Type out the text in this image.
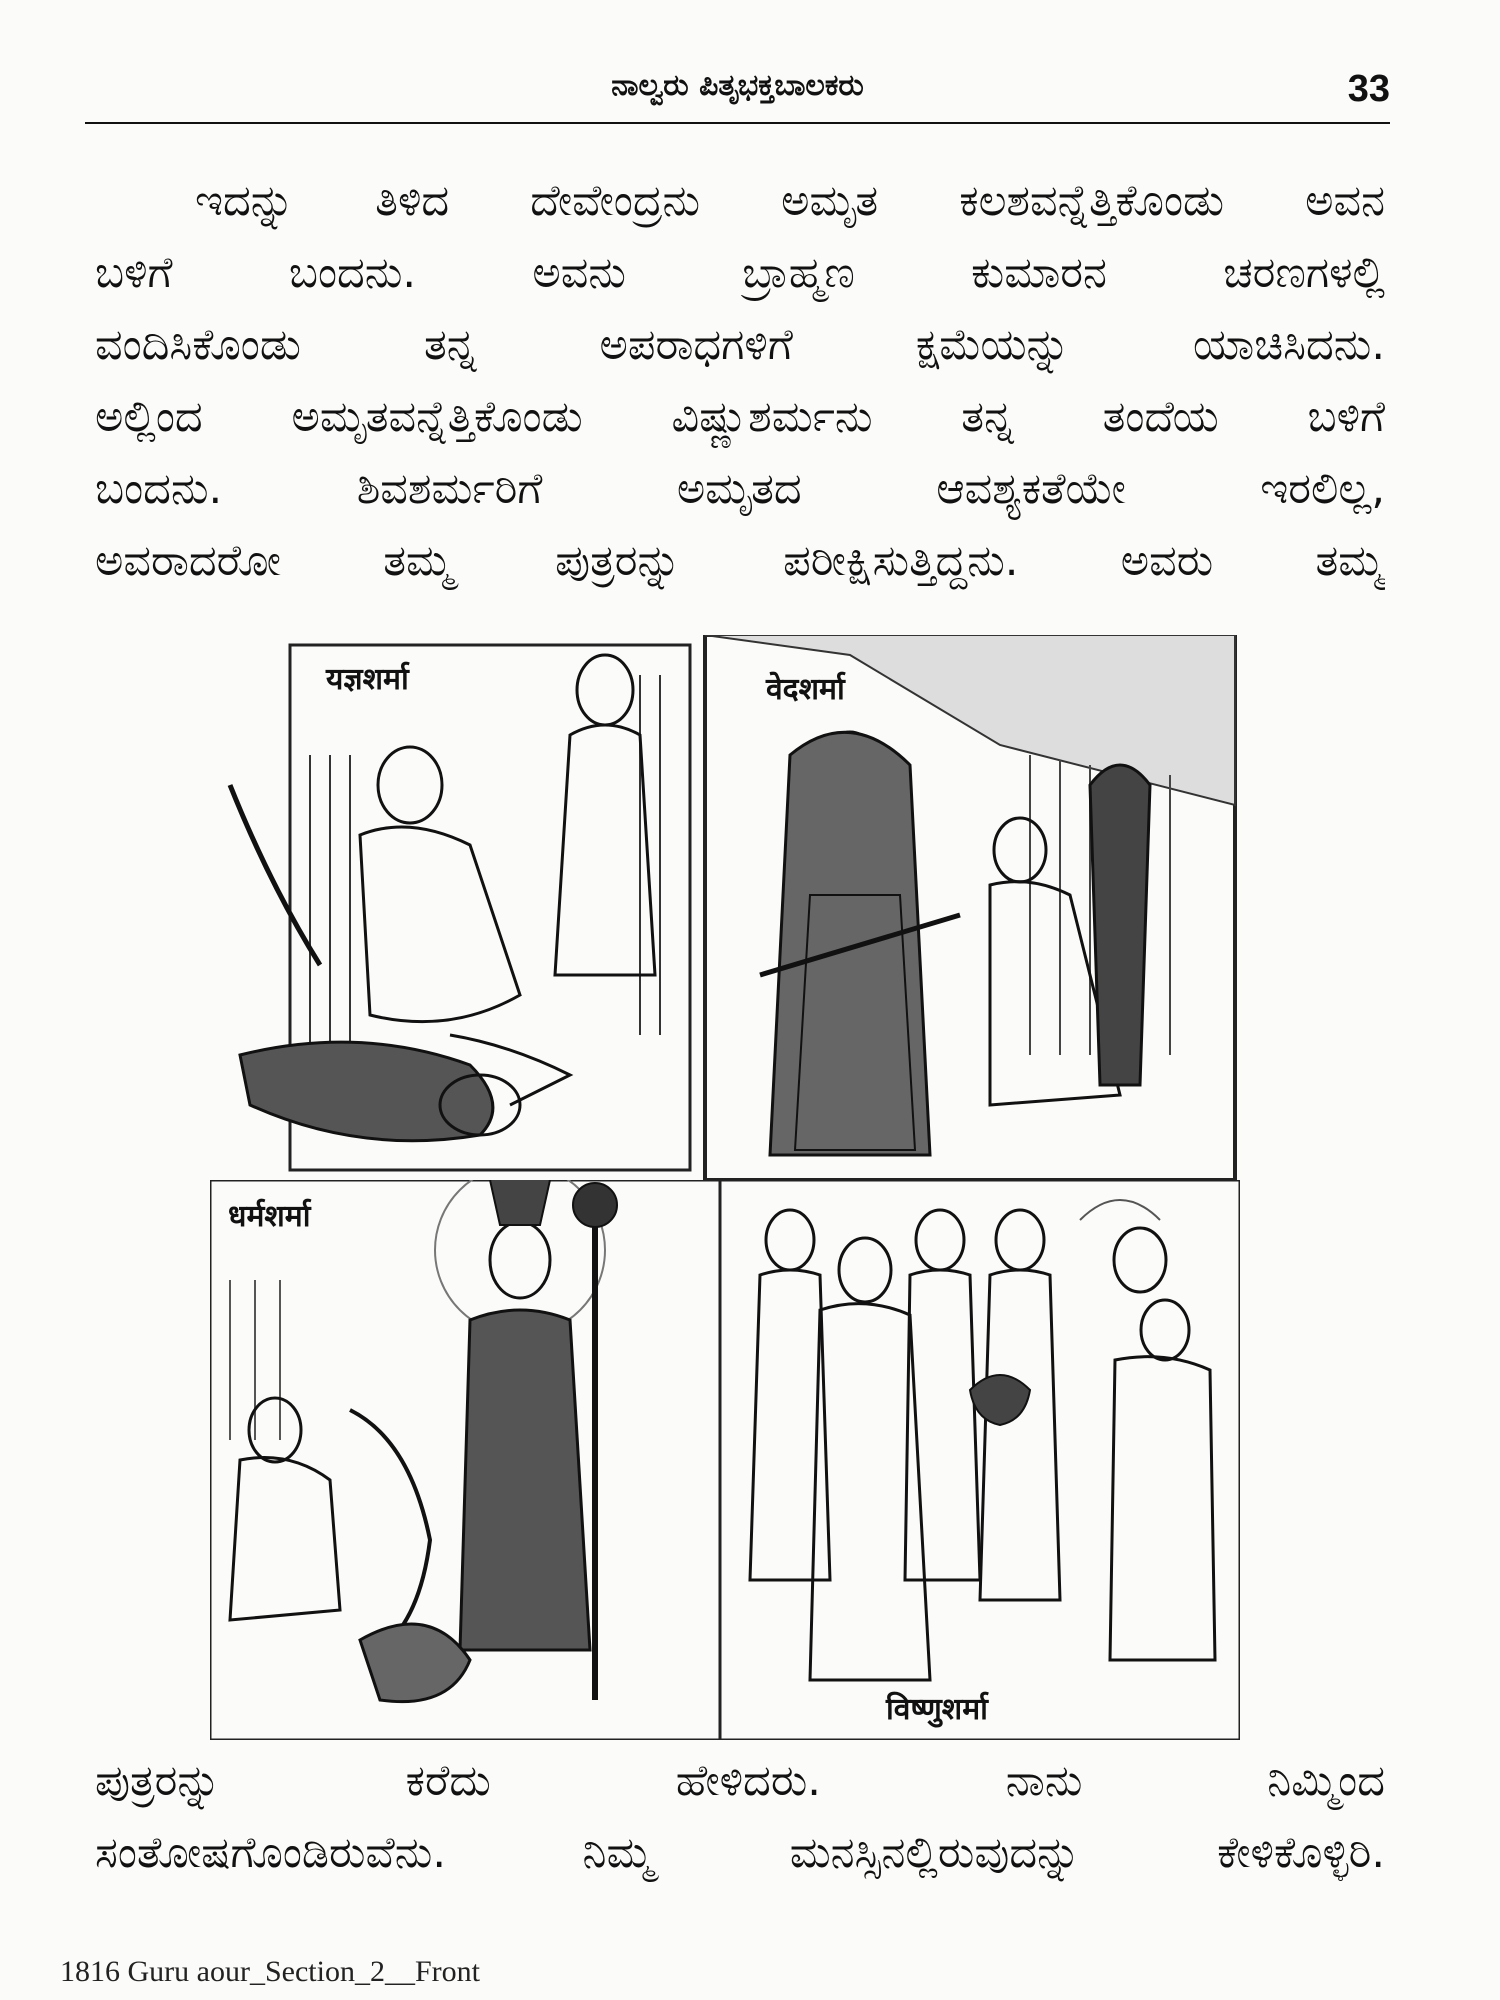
ನಾಲ್ವರು ಪಿತೃಭಕ್ತಬಾಲಕರು	33
ಇದನ್ನು ತಿಳಿದ ದೇವೇಂದ್ರನು ಅಮೃತ ಕಲಶವನ್ನೆತ್ತಿಕೊಂಡು ಅವನ
ಬಳಿಗೆ ಬಂದನು. ಅವನು ಬ್ರಾಹ್ಮಣ ಕುಮಾರನ ಚರಣಗಳಲ್ಲಿ
ವಂದಿಸಿಕೊಂಡು ತನ್ನ ಅಪರಾಧಗಳಿಗೆ ಕ್ಷಮೆಯನ್ನು ಯಾಚಿಸಿದನು.
ಅಲ್ಲಿಂದ ಅಮೃತವನ್ನೆತ್ತಿಕೊಂಡು ವಿಷ್ಣುಶರ್ಮನು ತನ್ನ ತಂದೆಯ ಬಳಿಗೆ
ಬಂದನು. ಶಿವಶರ್ಮರಿಗೆ ಅಮೃತದ ಆವಶ್ಯಕತೆಯೇ ಇರಲಿಲ್ಲ,
ಅವರಾದರೋ ತಮ್ಮ ಪುತ್ರರನ್ನು ಪರೀಕ್ಷಿಸುತ್ತಿದ್ದನು. ಅವರು ತಮ್ಮ
यज्ञशर्मा	वेदशर्मा
धर्मशर्मा
विष्णुशर्मा
ಪುತ್ರರನ್ನು ಕರೆದು ಹೇಳಿದರು. ನಾನು ನಿಮ್ಮಿಂದ
ಸಂತೋಷಗೊಂಡಿರುವೆನು. ನಿಮ್ಮ ಮನಸ್ಸಿನಲ್ಲಿರುವುದನ್ನು ಕೇಳಿಕೊಳ್ಳಿರಿ.
1816 Guru aour_Section_2__Front
